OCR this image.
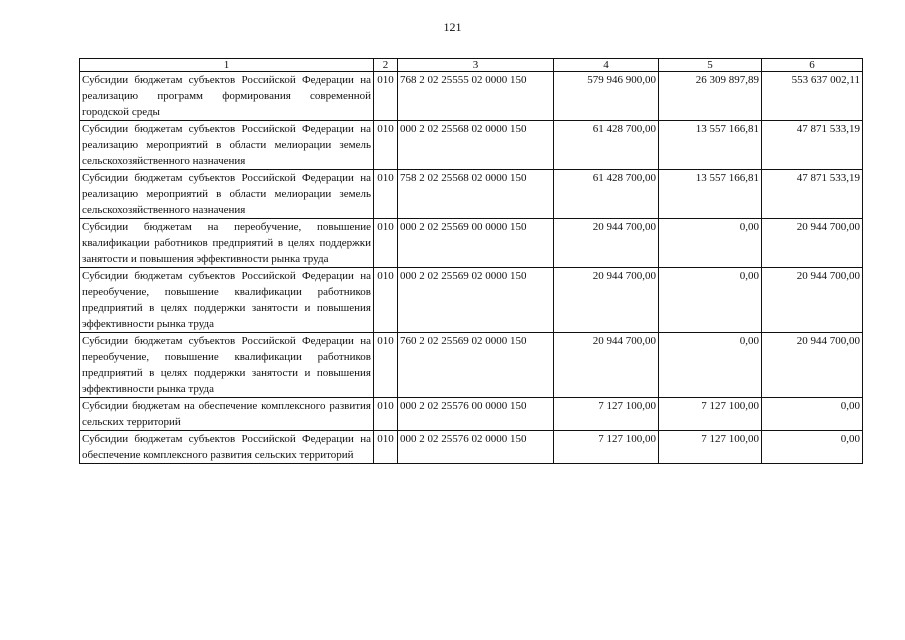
121
1	2	3	4	5	6
Субсидии бюджетам субъектов Российской Федерации на реализацию программ формирования современной городской среды	010	768 2 02 25555 02 0000 150	579 946 900,00	26 309 897,89	553 637 002,11
Субсидии бюджетам субъектов Российской Федерации на реализацию мероприятий в области мелиорации земель сельскохозяйственного назначения	010	000 2 02 25568 02 0000 150	61 428 700,00	13 557 166,81	47 871 533,19
Субсидии бюджетам субъектов Российской Федерации на реализацию мероприятий в области мелиорации земель сельскохозяйственного назначения	010	758 2 02 25568 02 0000 150	61 428 700,00	13 557 166,81	47 871 533,19
Субсидии бюджетам на переобучение, повышение квалификации работников предприятий в целях поддержки занятости и повышения эффективности рынка труда	010	000 2 02 25569 00 0000 150	20 944 700,00	0,00	20 944 700,00
Субсидии бюджетам субъектов Российской Федерации на переобучение, повышение квалификации работников предприятий в целях поддержки занятости и повышения эффективности рынка труда	010	000 2 02 25569 02 0000 150	20 944 700,00	0,00	20 944 700,00
Субсидии бюджетам субъектов Российской Федерации на переобучение, повышение квалификации работников предприятий в целях поддержки занятости и повышения эффективности рынка труда	010	760 2 02 25569 02 0000 150	20 944 700,00	0,00	20 944 700,00
Субсидии бюджетам на обеспечение комплексного развития сельских территорий	010	000 2 02 25576 00 0000 150	7 127 100,00	7 127 100,00	0,00
Субсидии бюджетам субъектов Российской Федерации на обеспечение комплексного развития сельских территорий	010	000 2 02 25576 02 0000 150	7 127 100,00	7 127 100,00	0,00
